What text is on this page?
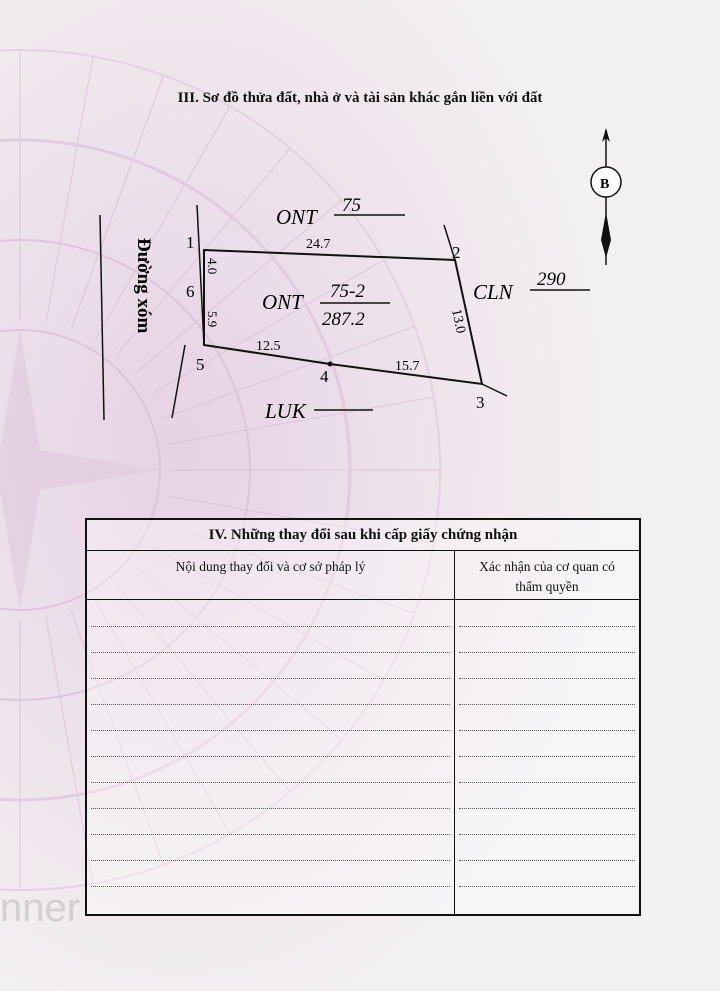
III. Sơ đồ thửa đất, nhà ở và tài sản khác gắn liền với đất
1
2
3
4
5
6
24.7
13.0
15.7
12.5
5.9
4.0
ONT 75
ONT 75-2
287.2
CLN
290
LUK
Đường xóm
B
IV. Những thay đổi sau khi cấp giấy chứng nhận
Nội dung thay đổi và cơ sở pháp lý	Xác nhận của cơ quan có
thẩm quyền
nner
